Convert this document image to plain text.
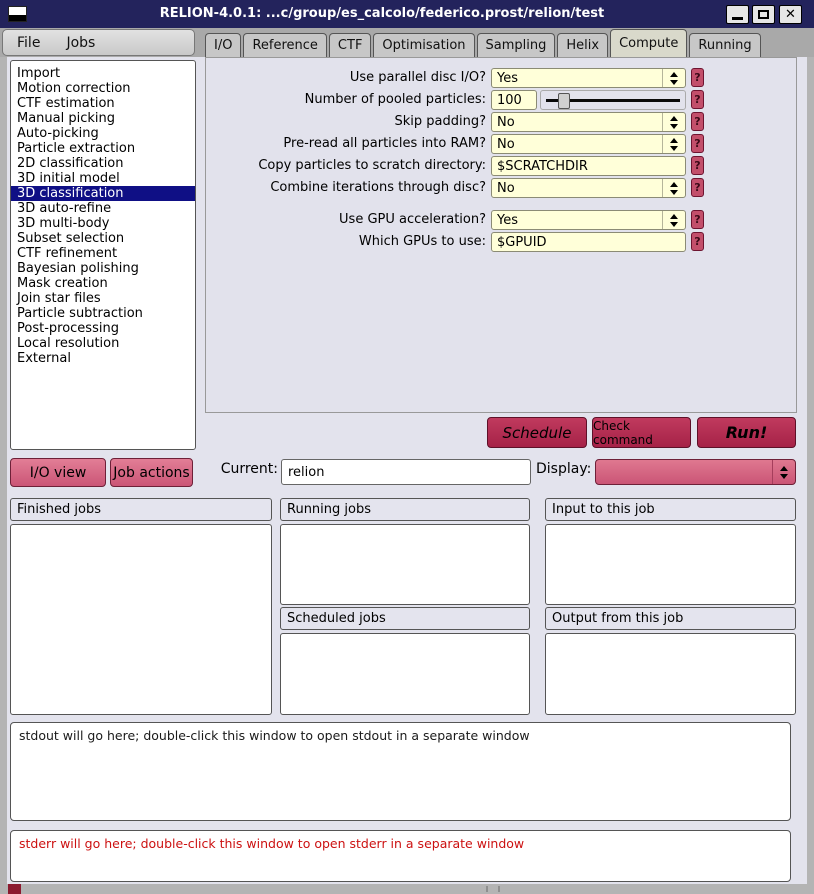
RELION-4.0.1: ...c/group/es_calcolo/federico.prost/relion/test	✕
File Jobs	I/O	Reference	CTF	Optimisation	Sampling	Helix	Compute	Running
Import
Motion correction
CTF estimation
Manual picking
Auto-picking
Particle extraction
2D classification
3D initial model
3D classification
3D auto-refine
3D multi-body
Subset selection
CTF refinement
Bayesian polishing
Mask creation
Join star files
Particle subtraction
Post-processing
Local resolution
External
Use parallel disc I/O? Yes	?
Number of pooled particles: 100	?
Skip padding? No	?
Pre-read all particles into RAM? No	?
Copy particles to scratch directory: $SCRATCHDIR	?
Combine iterations through disc? No	?
Use GPU acceleration? Yes	?
Which GPUs to use: $GPUID	?
Schedule	Check command	Run!
I/O view	Job actions	Current: relion	Display:
Finished jobs	Running jobs
Scheduled jobs
Input to this job
Output from this job
stdout will go here; double-click this window to open stdout in a separate window
stderr will go here; double-click this window to open stderr in a separate window
